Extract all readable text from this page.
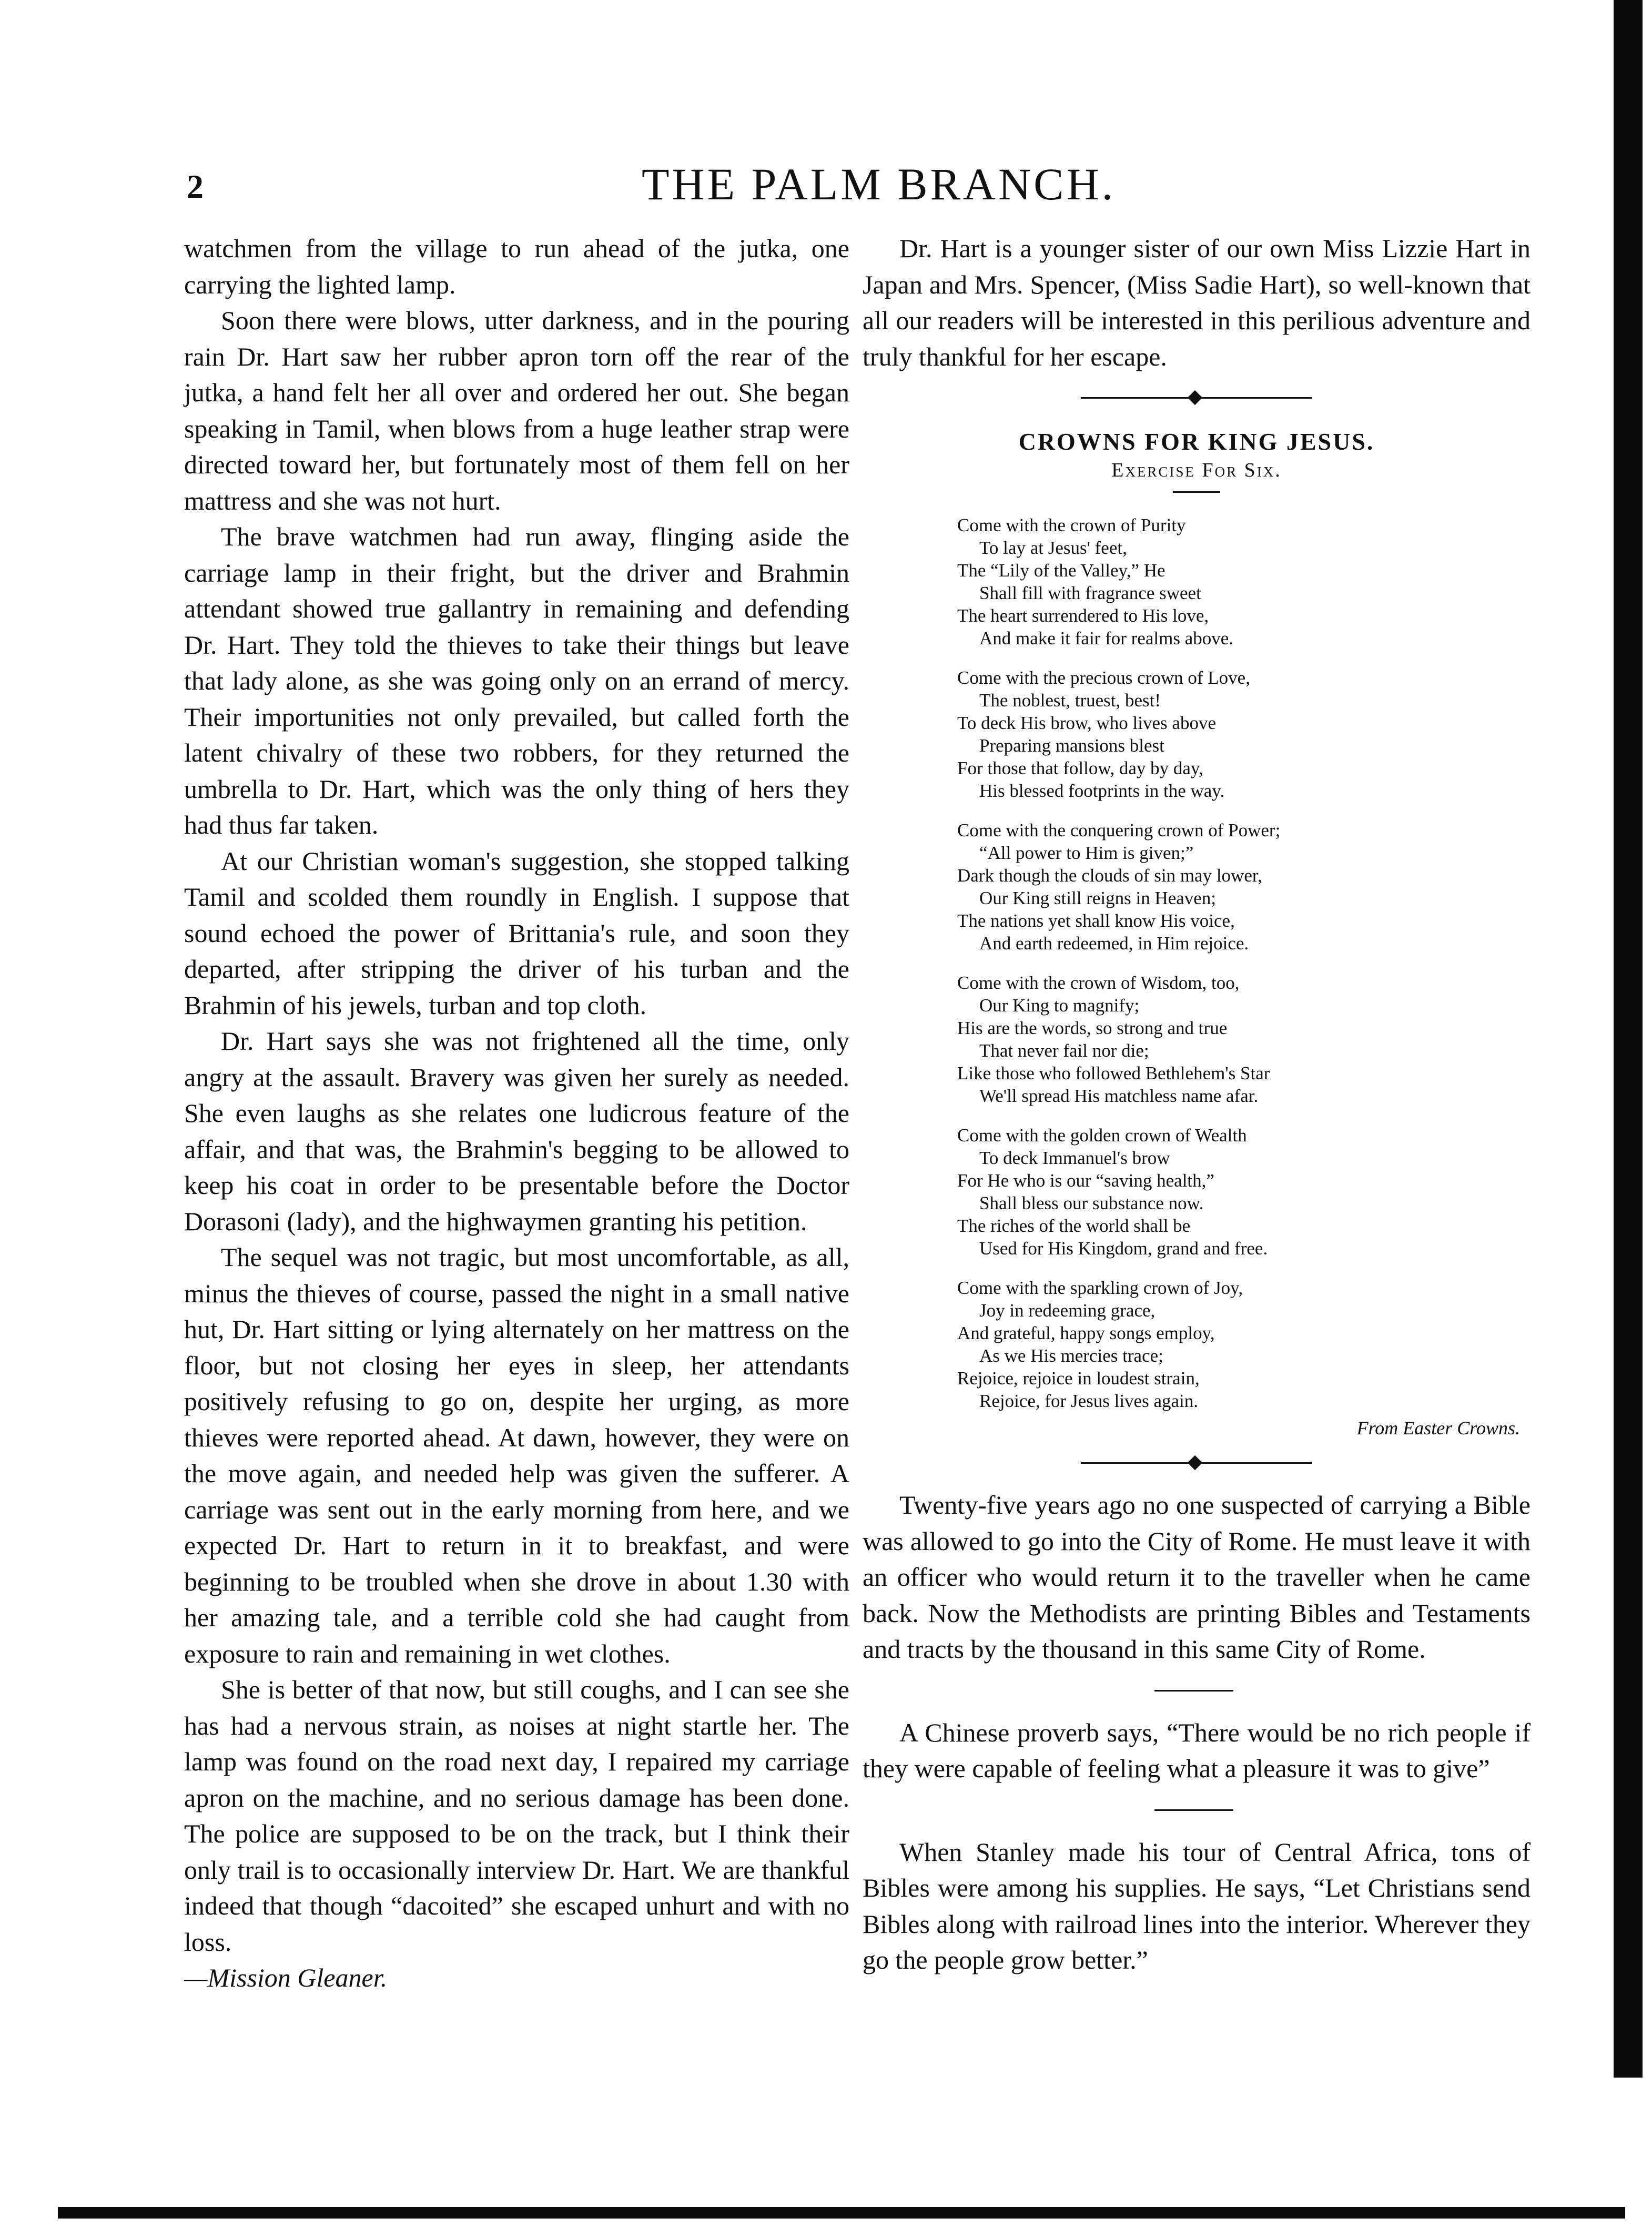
2	THE PALM BRANCH.

watchmen from the village to run ahead of the jutka, one carrying the lighted lamp.

Soon there were blows, utter darkness, and in the pouring rain Dr. Hart saw her rubber apron torn off the rear of the jutka, a hand felt her all over and ordered her out. She began speaking in Tamil, when blows from a huge leather strap were directed toward her, but fortunately most of them fell on her mattress and she was not hurt.

The brave watchmen had run away, flinging aside the carriage lamp in their fright, but the driver and Brahmin attendant showed true gallantry in remaining and defending Dr. Hart. They told the thieves to take their things but leave that lady alone, as she was going only on an errand of mercy. Their importunities not only prevailed, but called forth the latent chivalry of these two robbers, for they returned the umbrella to Dr. Hart, which was the only thing of hers they had thus far taken.

At our Christian woman's suggestion, she stopped talking Tamil and scolded them roundly in English. I suppose that sound echoed the power of Brittania's rule, and soon they departed, after stripping the driver of his turban and the Brahmin of his jewels, turban and top cloth.

Dr. Hart says she was not frightened all the time, only angry at the assault. Bravery was given her surely as needed. She even laughs as she relates one ludicrous feature of the affair, and that was, the Brahmin's begging to be allowed to keep his coat in order to be presentable before the Doctor Dorasoni (lady), and the highwaymen granting his petition.

The sequel was not tragic, but most uncomfortable, as all, minus the thieves of course, passed the night in a small native hut, Dr. Hart sitting or lying alternately on her mattress on the floor, but not closing her eyes in sleep, her attendants positively refusing to go on, despite her urging, as more thieves were reported ahead. At dawn, however, they were on the move again, and needed help was given the sufferer. A carriage was sent out in the early morning from here, and we expected Dr. Hart to return in it to breakfast, and were beginning to be troubled when she drove in about 1.30 with her amazing tale, and a terrible cold she had caught from exposure to rain and remaining in wet clothes.

She is better of that now, but still coughs, and I can see she has had a nervous strain, as noises at night startle her. The lamp was found on the road next day, I repaired my carriage apron on the machine, and no serious damage has been done. The police are supposed to be on the track, but I think their only trail is to occasionally interview Dr. Hart. We are thankful indeed that though “dacoited” she escaped unhurt and with no loss.

—Mission Gleaner.

Dr. Hart is a younger sister of our own Miss Lizzie Hart in Japan and Mrs. Spencer, (Miss Sadie Hart), so well-known that all our readers will be interested in this perilious adventure and truly thankful for her escape.

CROWNS FOR KING JESUS.
Exercise For Six.
Come with the crown of Purity
To lay at Jesus' feet,
The “Lily of the Valley,” He
Shall fill with fragrance sweet
The heart surrendered to His love,
And make it fair for realms above.
Come with the precious crown of Love,
The noblest, truest, best!
To deck His brow, who lives above
Preparing mansions blest
For those that follow, day by day,
His blessed footprints in the way.
Come with the conquering crown of Power;
“All power to Him is given;”
Dark though the clouds of sin may lower,
Our King still reigns in Heaven;
The nations yet shall know His voice,
And earth redeemed, in Him rejoice.
Come with the crown of Wisdom, too,
Our King to magnify;
His are the words, so strong and true
That never fail nor die;
Like those who followed Bethlehem's Star
We'll spread His matchless name afar.
Come with the golden crown of Wealth
To deck Immanuel's brow
For He who is our “saving health,”
Shall bless our substance now.
The riches of the world shall be
Used for His Kingdom, grand and free.
Come with the sparkling crown of Joy,
Joy in redeeming grace,
And grateful, happy songs employ,
As we His mercies trace;
Rejoice, rejoice in loudest strain,
Rejoice, for Jesus lives again.
From Easter Crowns.

Twenty-five years ago no one suspected of carrying a Bible was allowed to go into the City of Rome. He must leave it with an officer who would return it to the traveller when he came back. Now the Methodists are printing Bibles and Testaments and tracts by the thousand in this same City of Rome.

A Chinese proverb says, “There would be no rich people if they were capable of feeling what a pleasure it was to give”

When Stanley made his tour of Central Africa, tons of Bibles were among his supplies. He says, “Let Christians send Bibles along with railroad lines into the interior. Wherever they go the people grow better.”
